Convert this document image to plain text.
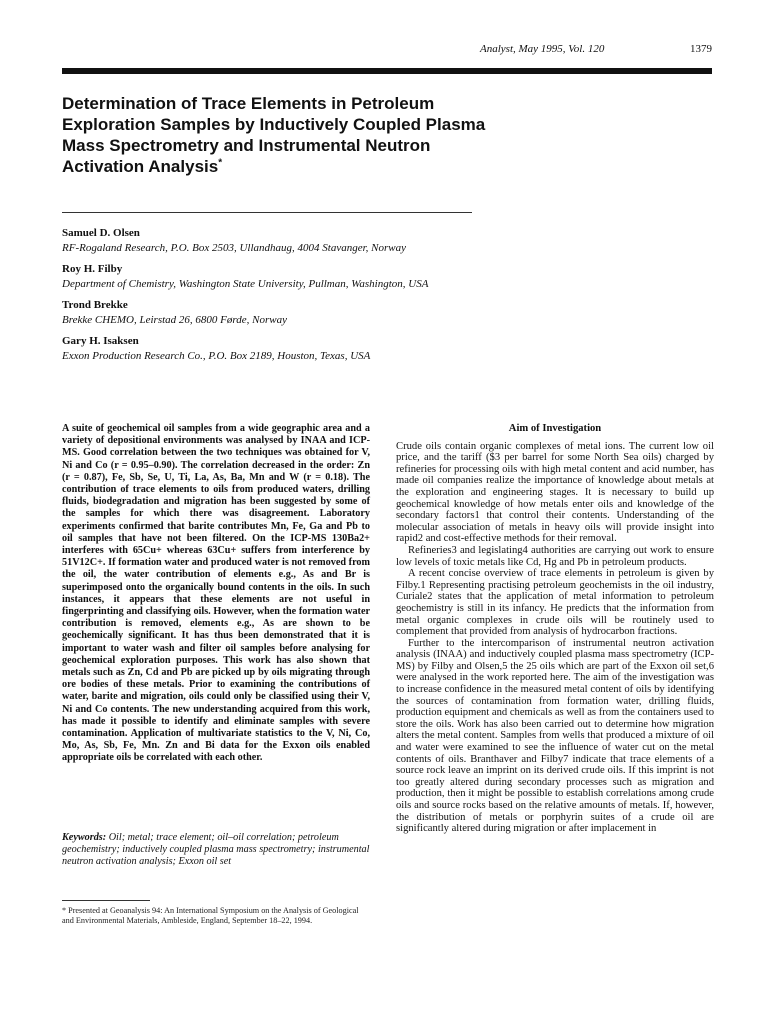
Analyst, May 1995, Vol. 120	1379
Determination of Trace Elements in Petroleum Exploration Samples by Inductively Coupled Plasma Mass Spectrometry and Instrumental Neutron Activation Analysis*
Samuel D. Olsen
RF-Rogaland Research, P.O. Box 2503, Ullandhaug, 4004 Stavanger, Norway
Roy H. Filby
Department of Chemistry, Washington State University, Pullman, Washington, USA
Trond Brekke
Brekke CHEMO, Leirstad 26, 6800 Førde, Norway
Gary H. Isaksen
Exxon Production Research Co., P.O. Box 2189, Houston, Texas, USA
A suite of geochemical oil samples from a wide geographic area and a variety of depositional environments was analysed by INAA and ICP-MS. Good correlation between the two techniques was obtained for V, Ni and Co (r = 0.95–0.90). The correlation decreased in the order: Zn (r = 0.87), Fe, Sb, Se, U, Ti, La, As, Ba, Mn and W (r = 0.18). The contribution of trace elements to oils from produced waters, drilling fluids, biodegradation and migration has been suggested by some of the samples for which there was disagreement. Laboratory experiments confirmed that barite contributes Mn, Fe, Ga and Pb to oil samples that have not been filtered. On the ICP-MS 130Ba2+ interferes with 65Cu+ whereas 63Cu+ suffers from interference by 51V12C+. If formation water and produced water is not removed from the oil, the water contribution of elements e.g., As and Br is superimposed onto the organically bound contents in the oils. In such instances, it appears that these elements are not useful in fingerprinting and classifying oils. However, when the formation water contribution is removed, elements e.g., As are shown to be geochemically significant. It has thus been demonstrated that it is important to water wash and filter oil samples before analysing for geochemical exploration purposes. This work has also shown that metals such as Zn, Cd and Pb are picked up by oils migrating through ore bodies of these metals. Prior to examining the contributions of water, barite and migration, oils could only be classified using their V, Ni and Co contents. The new understanding acquired from this work, has made it possible to identify and eliminate samples with severe contamination. Application of multivariate statistics to the V, Ni, Co, Mo, As, Sb, Fe, Mn. Zn and Bi data for the Exxon oils enabled appropriate oils be correlated with each other.
Keywords: Oil; metal; trace element; oil–oil correlation; petroleum geochemistry; inductively coupled plasma mass spectrometry; instrumental neutron activation analysis; Exxon oil set
* Presented at Geoanalysis 94: An International Symposium on the Analysis of Geological and Environmental Materials, Ambleside, England, September 18–22, 1994.
Aim of Investigation

Crude oils contain organic complexes of metal ions. The current low oil price, and the tariff ($3 per barrel for some North Sea oils) charged by refineries for processing oils with high metal content and acid number, has made oil companies realize the importance of knowledge about metals at the exploration and engineering stages. It is necessary to build up geochemical knowledge of how metals enter oils and knowledge of the secondary factors1 that control their contents. Understanding of the molecular association of metals in heavy oils will provide insight into rapid2 and cost-effective methods for their removal.

Refineries3 and legislating4 authorities are carrying out work to ensure low levels of toxic metals like Cd, Hg and Pb in petroleum products.

A recent concise overview of trace elements in petroleum is given by Filby.1 Representing practising petroleum geochemists in the oil industry, Curiale2 states that the application of metal information to petroleum geochemistry is still in its infancy. He predicts that the information from metal organic complexes in crude oils will be routinely used to complement that provided from analysis of hydrocarbon fractions.

Further to the intercomparison of instrumental neutron activation analysis (INAA) and inductively coupled plasma mass spectrometry (ICP-MS) by Filby and Olsen,5 the 25 oils which are part of the Exxon oil set,6 were analysed in the work reported here. The aim of the investigation was to increase confidence in the measured metal content of oils by identifying the sources of contamination from formation water, drilling fluids, production equipment and chemicals as well as from the containers used to store the oils. Work has also been carried out to determine how migration alters the metal content. Samples from wells that produced a mixture of oil and water were examined to see the influence of water cut on the metal contents of oils. Branthaver and Filby7 indicate that trace elements of a source rock leave an imprint on its derived crude oils. If this imprint is not too greatly altered during secondary processes such as migration and production, then it might be possible to establish correlations among crude oils and source rocks based on the relative amounts of metals. If, however, the distribution of metals or porphyrin suites of a crude oil are significantly altered during migration or after implacement in
